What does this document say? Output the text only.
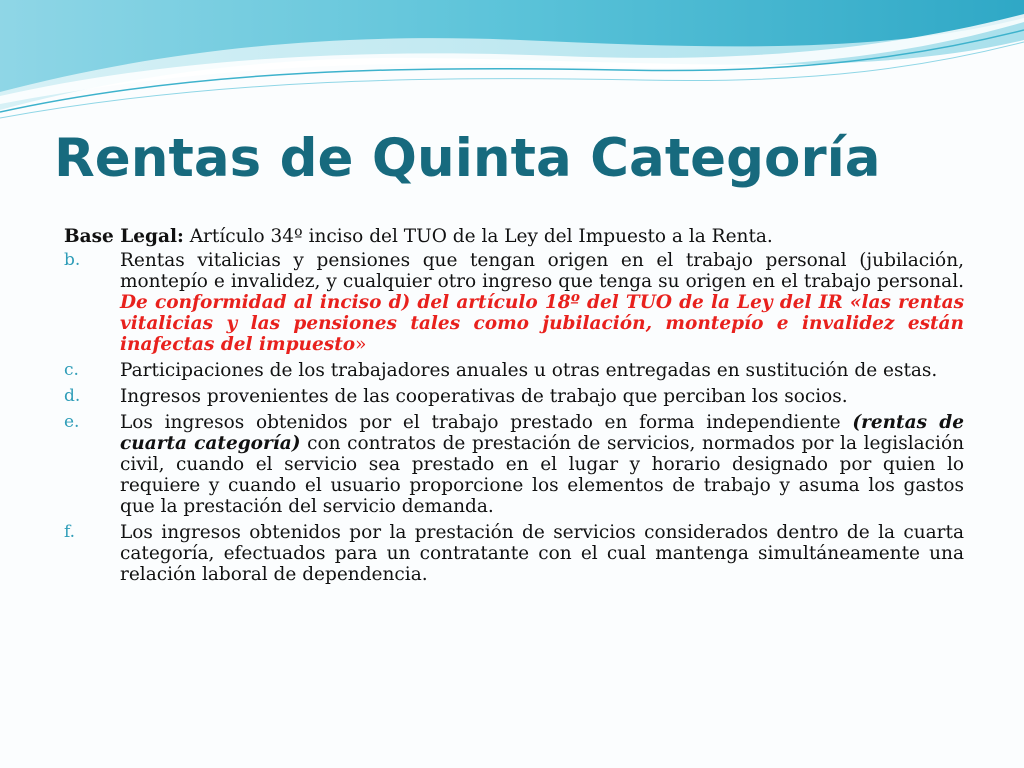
Rentas de Quinta Categoría

Base Legal: Artículo 34º inciso del TUO de la Ley del Impuesto a la Renta.

b.	Rentas vitalicias y pensiones que tengan origen en el trabajo personal (jubilación, montepío e invalidez, y cualquier otro ingreso que tenga su origen en el trabajo personal. De conformidad al inciso d) del artículo 18º del TUO de la Ley del IR «las rentas vitalicias y las pensiones tales como jubilación, montepío e invalidez están inafectas del impuesto»
c.	Participaciones de los trabajadores anuales u otras entregadas en sustitución de estas.
d.	Ingresos provenientes de las cooperativas de trabajo que perciban los socios.
e.	Los ingresos obtenidos por el trabajo prestado en forma independiente (rentas de cuarta categoría) con contratos de prestación de servicios, normados por la legislación civil, cuando el servicio sea prestado en el lugar y horario designado por quien lo requiere y cuando el usuario proporcione los elementos de trabajo y asuma los gastos que la prestación del servicio demanda.
f.	Los ingresos obtenidos por la prestación de servicios considerados dentro de la cuarta categoría, efectuados para un contratante con el cual mantenga simultáneamente una relación laboral de dependencia.
